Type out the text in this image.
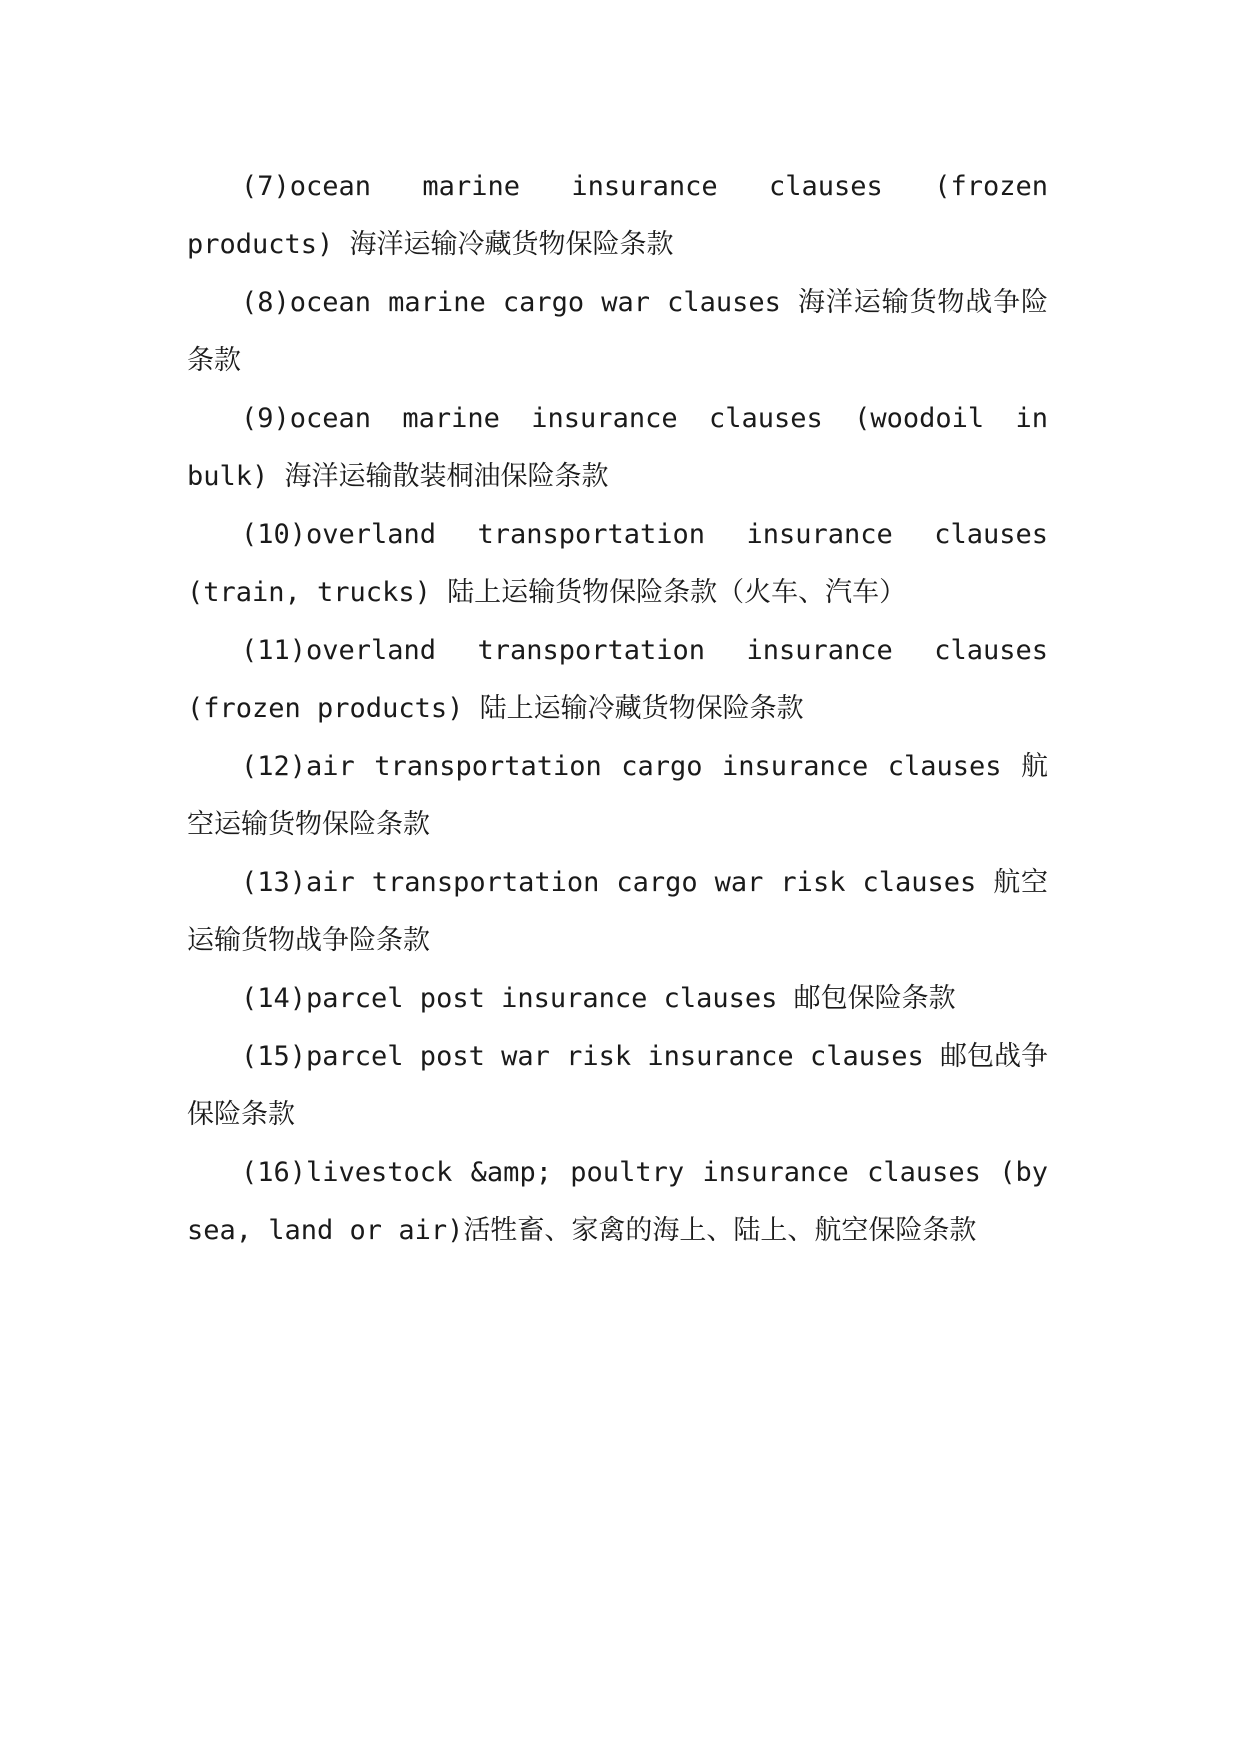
(7)ocean marine insurance clauses (frozen products) 海洋运输冷藏货物保险条款

(8)ocean marine cargo war clauses 海洋运输货物战争险条款

(9)ocean marine insurance clauses (woodoil in bulk) 海洋运输散装桐油保险条款

(10)overland transportation insurance clauses (train, trucks) 陆上运输货物保险条款（火车、汽车）

(11)overland transportation insurance clauses (frozen products) 陆上运输冷藏货物保险条款

(12)air transportation cargo insurance clauses 航空运输货物保险条款

(13)air transportation cargo war risk clauses 航空运输货物战争险条款

(14)parcel post insurance clauses 邮包保险条款

(15)parcel post war risk insurance clauses 邮包战争保险条款

(16)livestock &amp; poultry insurance clauses (by sea, land or air)活牲畜、家禽的海上、陆上、航空保险条款
